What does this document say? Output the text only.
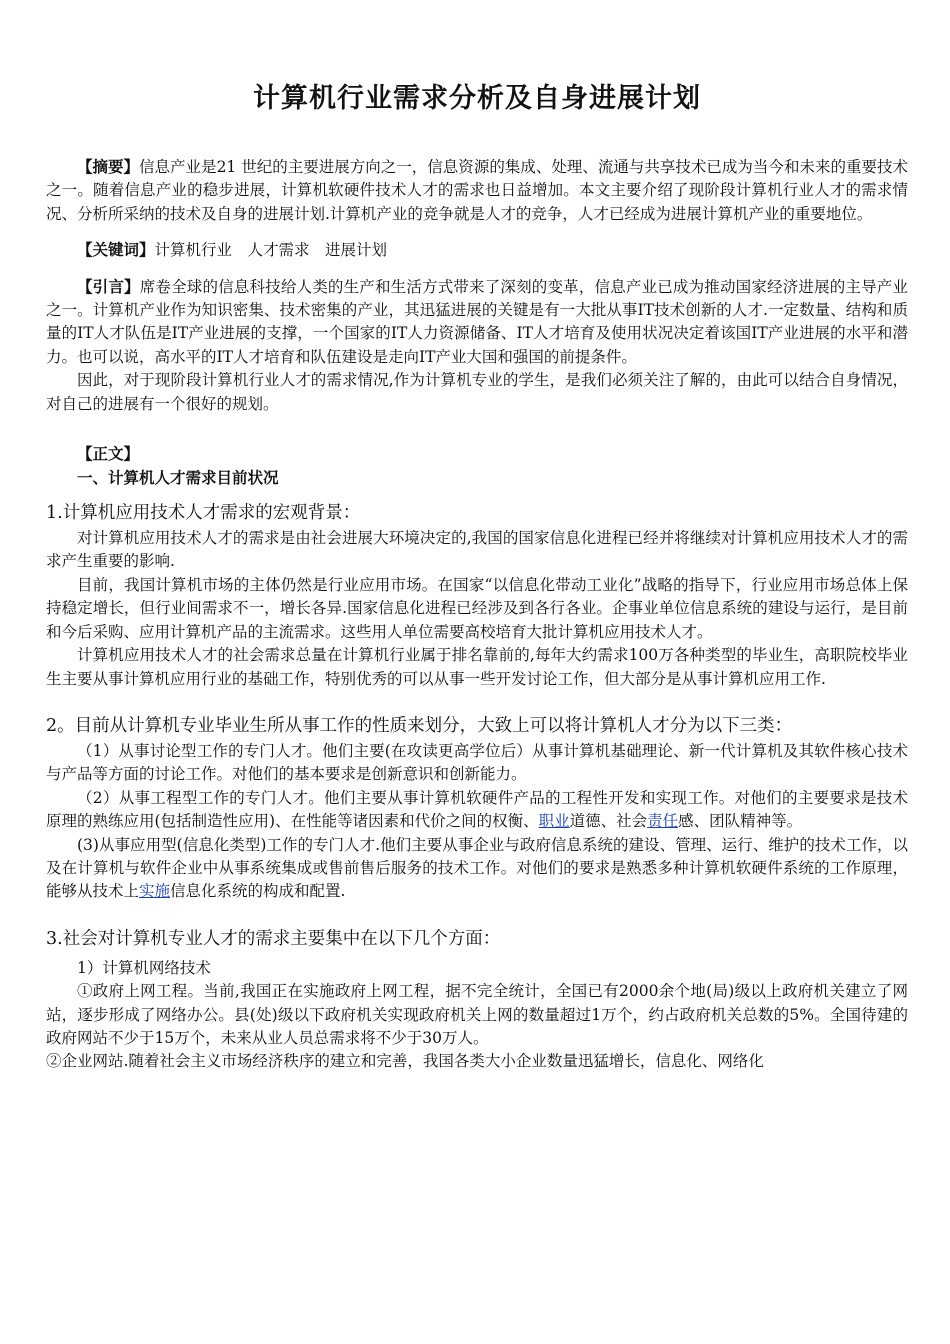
计算机行业需求分析及自身进展计划

【摘要】信息产业是21 世纪的主要进展方向之一，信息资源的集成、处理、流通与共享技术已成为当今和未来的重要技术之一。随着信息产业的稳步进展，计算机软硬件技术人才的需求也日益增加。本文主要介绍了现阶段计算机行业人才的需求情况、分析所采纳的技术及自身的进展计划.计算机产业的竞争就是人才的竞争，人才已经成为进展计算机产业的重要地位。

【关键词】计算机行业　人才需求　进展计划

【引言】席卷全球的信息科技给人类的生产和生活方式带来了深刻的变革，信息产业已成为推动国家经济进展的主导产业之一。计算机产业作为知识密集、技术密集的产业，其迅猛进展的关键是有一大批从事IT技术创新的人才.一定数量、结构和质量的IT人才队伍是IT产业进展的支撑，一个国家的IT人力资源储备、IT人才培育及使用状况决定着该国IT产业进展的水平和潜力。也可以说，高水平的IT人才培育和队伍建设是走向IT产业大国和强国的前提条件。

因此，对于现阶段计算机行业人才的需求情况,作为计算机专业的学生，是我们必须关注了解的，由此可以结合自身情况，对自己的进展有一个很好的规划。

【正文】

一、计算机人才需求目前状况

1.计算机应用技术人才需求的宏观背景：

对计算机应用技术人才的需求是由社会进展大环境决定的,我国的国家信息化进程已经并将继续对计算机应用技术人才的需求产生重要的影响.

目前，我国计算机市场的主体仍然是行业应用市场。在国家“以信息化带动工业化”战略的指导下，行业应用市场总体上保持稳定增长，但行业间需求不一，增长各异.国家信息化进程已经涉及到各行各业。企事业单位信息系统的建设与运行，是目前和今后采购、应用计算机产品的主流需求。这些用人单位需要高校培育大批计算机应用技术人才。

计算机应用技术人才的社会需求总量在计算机行业属于排名靠前的,每年大约需求100万各种类型的毕业生，高职院校毕业生主要从事计算机应用行业的基础工作，特别优秀的可以从事一些开发讨论工作，但大部分是从事计算机应用工作.

2。目前从计算机专业毕业生所从事工作的性质来划分，大致上可以将计算机人才分为以下三类：

（1）从事讨论型工作的专门人才。他们主要(在攻读更高学位后）从事计算机基础理论、新一代计算机及其软件核心技术与产品等方面的讨论工作。对他们的基本要求是创新意识和创新能力。

（2）从事工程型工作的专门人才。他们主要从事计算机软硬件产品的工程性开发和实现工作。对他们的主要要求是技术原理的熟练应用(包括制造性应用)、在性能等诸因素和代价之间的权衡、职业道德、社会责任感、团队精神等。

(3)从事应用型(信息化类型)工作的专门人才.他们主要从事企业与政府信息系统的建设、管理、运行、维护的技术工作，以及在计算机与软件企业中从事系统集成或售前售后服务的技术工作。对他们的要求是熟悉多种计算机软硬件系统的工作原理，能够从技术上实施信息化系统的构成和配置.

3.社会对计算机专业人才的需求主要集中在以下几个方面：

1）计算机网络技术

①政府上网工程。当前,我国正在实施政府上网工程，据不完全统计，全国已有2000余个地(局)级以上政府机关建立了网站，逐步形成了网络办公。县(处)级以下政府机关实现政府机关上网的数量超过1万个，约占政府机关总数的5%。全国待建的政府网站不少于15万个，未来从业人员总需求将不少于30万人。

②企业网站.随着社会主义市场经济秩序的建立和完善，我国各类大小企业数量迅猛增长，信息化、网络化
